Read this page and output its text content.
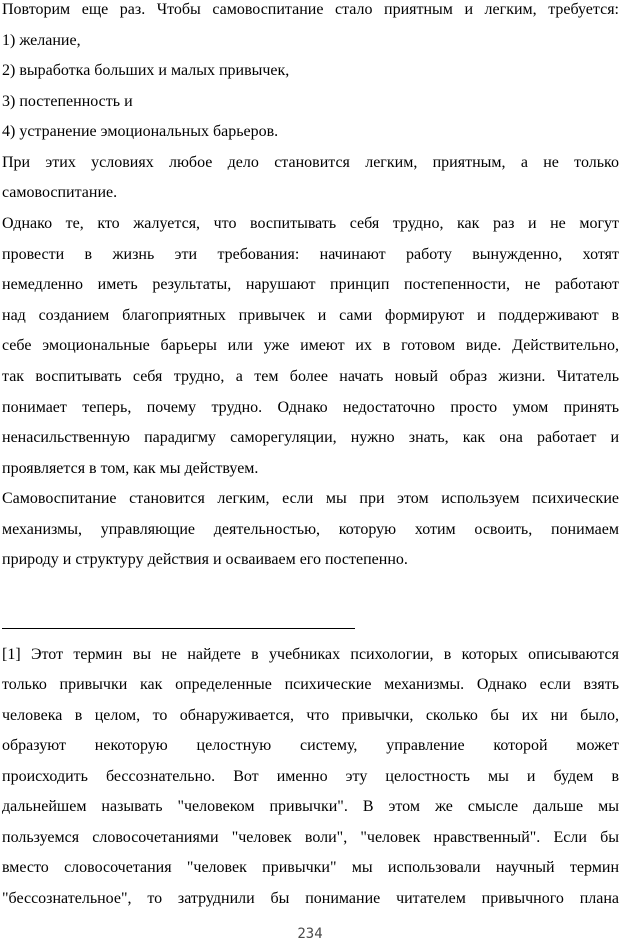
Повторим еще раз. Чтобы самовоспитание стало приятным и легким, требуется:
1) желание,
2) выработка больших и малых привычек,
3) постепенность и
4) устранение эмоциональных барьеров.
При этих условиях любое дело становится легким, приятным, а не только
самовоспитание.
Однако те, кто жалуется, что воспитывать себя трудно, как раз и не могут
провести в жизнь эти требования: начинают работу вынужденно, хотят
немедленно иметь результаты, нарушают принцип постепенности, не работают
над созданием благоприятных привычек и сами формируют и поддерживают в
себе эмоциональные барьеры или уже имеют их в готовом виде. Действительно,
так воспитывать себя трудно, а тем более начать новый образ жизни. Читатель
понимает теперь, почему трудно. Однако недостаточно просто умом принять
ненасильственную парадигму саморегуляции, нужно знать, как она работает и
проявляется в том, как мы действуем.
Самовоспитание становится легким, если мы при этом используем психические
механизмы, управляющие деятельностью, которую хотим освоить, понимаем
природу и структуру действия и осваиваем его постепенно.
[1] Этот термин вы не найдете в учебниках психологии, в которых описываются
только привычки как определенные психические механизмы. Однако если взять
человека в целом, то обнаруживается, что привычки, сколько бы их ни было,
образуют некоторую целостную систему, управление которой может
происходить бессознательно. Вот именно эту целостность мы и будем в
дальнейшем называть "человеком привычки". В этом же смысле дальше мы
пользуемся словосочетаниями "человек воли", "человек нравственный". Если бы
вместо словосочетания "человек привычки" мы использовали научный термин
"бессознательное", то затруднили бы понимание читателем привычного плана
234
